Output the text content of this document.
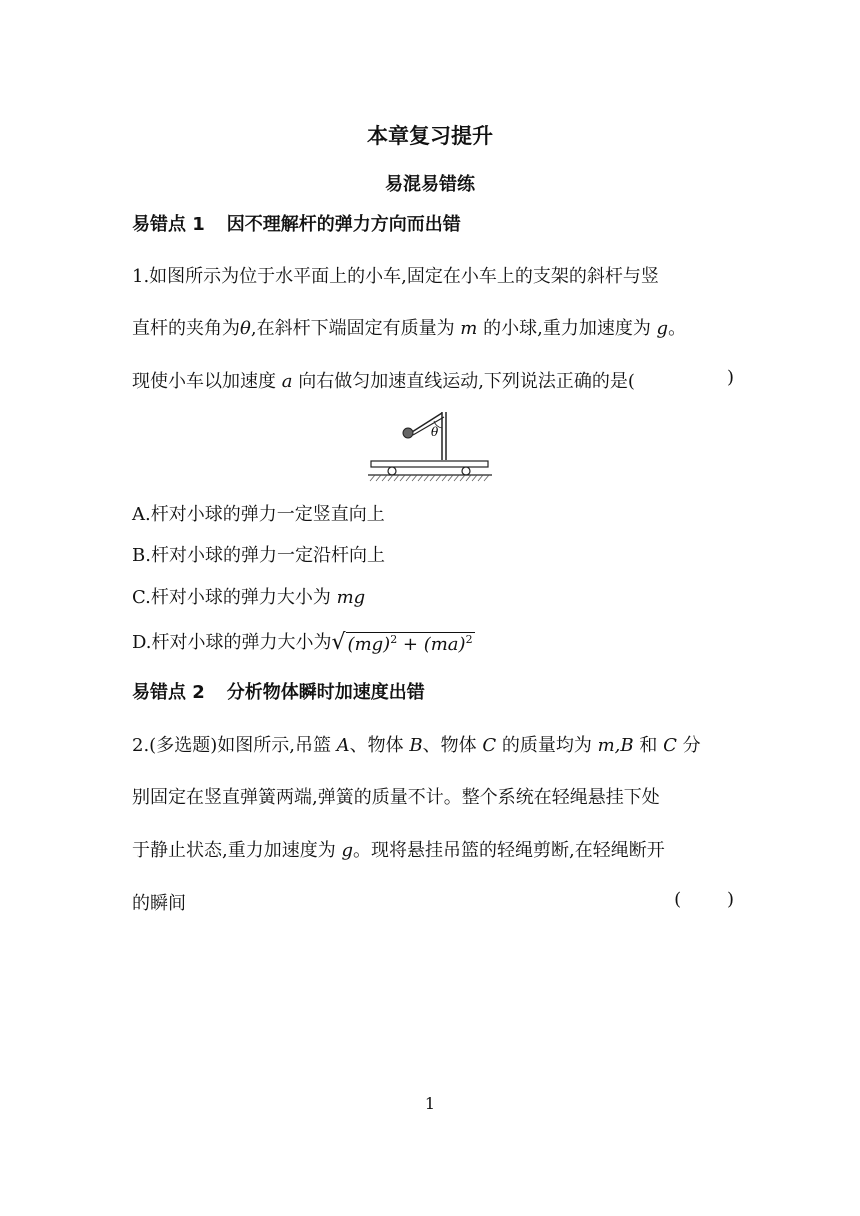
本章复习提升
易混易错练
易错点 1 因不理解杆的弹力方向而出错
1.如图所示为位于水平面上的小车,固定在小车上的支架的斜杆与竖
直杆的夹角为θ,在斜杆下端固定有质量为 m 的小球,重力加速度为 g。
现使小车以加速度 a 向右做匀加速直线运动,下列说法正确的是(	)
θ
A.杆对小球的弹力一定竖直向上
B.杆对小球的弹力一定沿杆向上
C.杆对小球的弹力大小为 mg
D.杆对小球的弹力大小为 √ (mg)$^2$ + (ma)$^2$
易错点 2 分析物体瞬时加速度出错
2.(多选题)如图所示,吊篮 A、物体 B、物体 C 的质量均为 m,B 和 C 分
别固定在竖直弹簧两端,弹簧的质量不计。整个系统在轻绳悬挂下处
于静止状态,重力加速度为 g。现将悬挂吊篮的轻绳剪断,在轻绳断开
的瞬间	(        )
1
